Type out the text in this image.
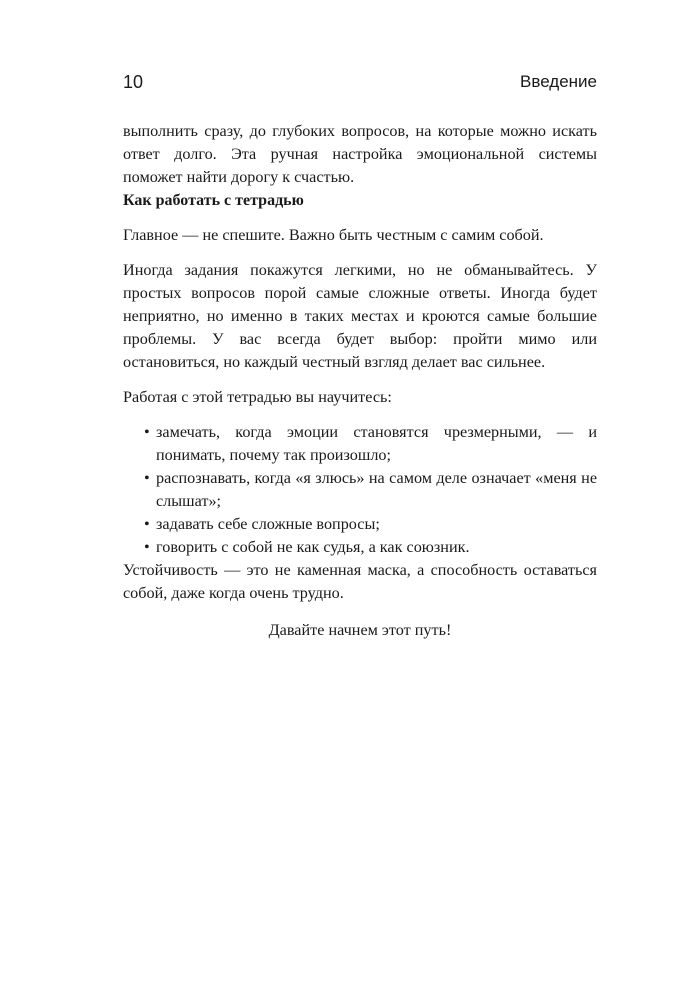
10	Введение

выполнить сразу, до глубоких вопросов, на которые можно искать ответ долго. Эта ручная настройка эмоциональной системы поможет найти дорогу к счастью.

Как работать с тетрадью

Главное — не спешите. Важно быть честным с самим собой.

Иногда задания покажутся легкими, но не обманывайтесь. У простых вопросов порой самые сложные ответы. Иногда будет неприятно, но именно в таких местах и кроются самые большие проблемы. У вас всегда будет выбор: пройти мимо или остановиться, но каждый честный взгляд делает вас сильнее.

Работая с этой тетрадью вы научитесь:

• замечать, когда эмоции становятся чрезмерными, — и понимать, почему так произошло;
• распознавать, когда «я злюсь» на самом деле означает «меня не слышат»;
• задавать себе сложные вопросы;
• говорить с собой не как судья, а как союзник.

Устойчивость — это не каменная маска, а способность оставаться собой, даже когда очень трудно.

Давайте начнем этот путь!
